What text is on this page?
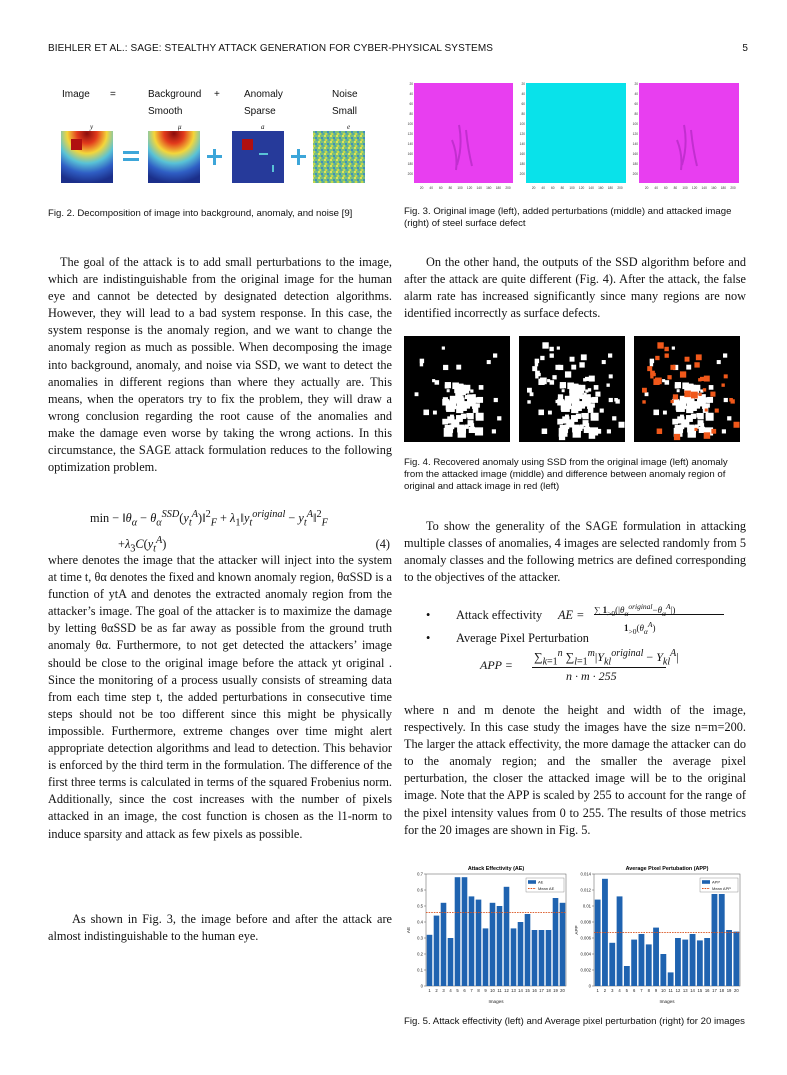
BIEHLER ET AL.: SAGE: STEALTHY ATTACK GENERATION FOR CYBER-PHYSICAL SYSTEMS	5
Image =	Background
Smooth
+ Anomaly
Sparse
Noise
Small
y	μ	a	e

Fig. 2. Decomposition of image into background, anomaly, and noise [9]

The goal of the attack is to add small perturbations to the image, which are indistinguishable from the original image for the human eye and cannot be detected by designated detection algorithms. However, they will lead to a bad system response. In this case, the system response is the anomaly region, and we want to change the anomaly region as much as possible. When decomposing the image into background, anomaly, and noise via SSD, we want to detect the anomalies in different regions than where they actually are. This means, when the operators try to fix the problem, they will draw a wrong conclusion regarding the root cause of the anomalies and make the damage even worse by taking the wrong actions. In this circumstance, the SAGE attack formulation reduces to the following optimization problem.

$\min - ‖\theta_\alpha$ − $\theta_\alpha^{SSD}(y_t^A)‖^2_F$ + $\lambda_1‖y_t^{original}$ − $y_t^A‖^2_F$
$+\lambda_3C(y_t^A)$	(4)

where denotes the image that the attacker will inject into the system at time t, θα denotes the fixed and known anomaly region, θαSSD is a function of ytA and denotes the extracted anomaly region from the attacker’s image. The goal of the attacker is to maximize the damage by letting θαSSD be as far away as possible from the ground truth anomaly θα. Furthermore, to not get detected the attackers’ image should be close to the original image before the attack yt original . Since the monitoring of a process usually consists of streaming data from each time step t, the added perturbations in consecutive time steps should not be too different since this might be physically impossible. Furthermore, extreme changes over time might alert appropriate detection algorithms and lead to detection. This behavior is enforced by the third term in the formulation. The difference of the first three terms is calculated in terms of the squared Frobenius norm. Additionally, since the cost increases with the number of pixels attacked in an image, the cost function is chosen as the l1-norm to induce sparsity and attack as few pixels as possible.

As shown in Fig. 3, the image before and after the attack are almost indistinguishable to the human eye.

20 40 60 80 100 120 140 160 180 200
20
40
60
80
100
120
140
160
180
200
20 40 60 80 100 120 140 160 180 200
20
40
60
80
100
120
140
160
180
200
20 40 60 80 100 120 140 160 180 200
20
40
60
80
100
120
140
160
180
200

Fig. 3. Original image (left), added perturbations (middle) and attacked image (right) of steel surface defect

On the other hand, the outputs of the SSD algorithm before and after the attack are quite different (Fig. 4). After the attack, the false alarm rate has increased significantly since many regions are now identified incorrectly as surface defects.

Fig. 4. Recovered anomaly using SSD from the original image (left) anomaly from the attacked image (middle) and difference between anomaly region of original and attack image in red (left)

To show the generality of the SAGE formulation in attacking multiple classes of anomalies, 4 images are selected randomly from 5 anomaly classes and the following metrics are defined corresponding to the objectives of the attacker.

• Attack effectivity AE = ∑ $1_{>0}(|\theta_\alpha^{original}-\theta_\alpha^A|)$
$1_{>0}(\theta_\alpha^A)$
• Average Pixel Perturbation
APP =
$\sum_{k=1}^n$ $\sum_{l=1}^m|Y_{kl}^{original} - Y_{kl}^A|$
n · m · 255

where n and m denote the height and width of the image, respectively. In this case study the images have the size n=m=200. The larger the attack effectivity, the more damage the attacker can do to the anomaly region; and the smaller the average pixel perturbation, the closer the attacked image will be to the original image. Note that the APP is scaled by 255 to account for the range of the pixel intensity values from 0 to 255. The results of those metrics for the 20 images are shown in Fig. 5.

Attack Effectivity (AE)
0
0.1
0.2
0.3
0.4
0.5
0.6
0.7
1 2 3 4 5 6 7 8 9 10 11 12 13 14 15 16 17 18 19 20
Images
AE
AE
Mean AE
Average Pixel Pertubation (APP)
0
0.002
0.004
0.006
0.008
0.01
0.012
0.014
1 2 3 4 5 6 7 8 9 10 11 12 13 14 15 16 17 18 19 20
Images
APP
APP
Mean APP

Fig. 5. Attack effectivity (left) and Average pixel perturbation (right) for 20 images
